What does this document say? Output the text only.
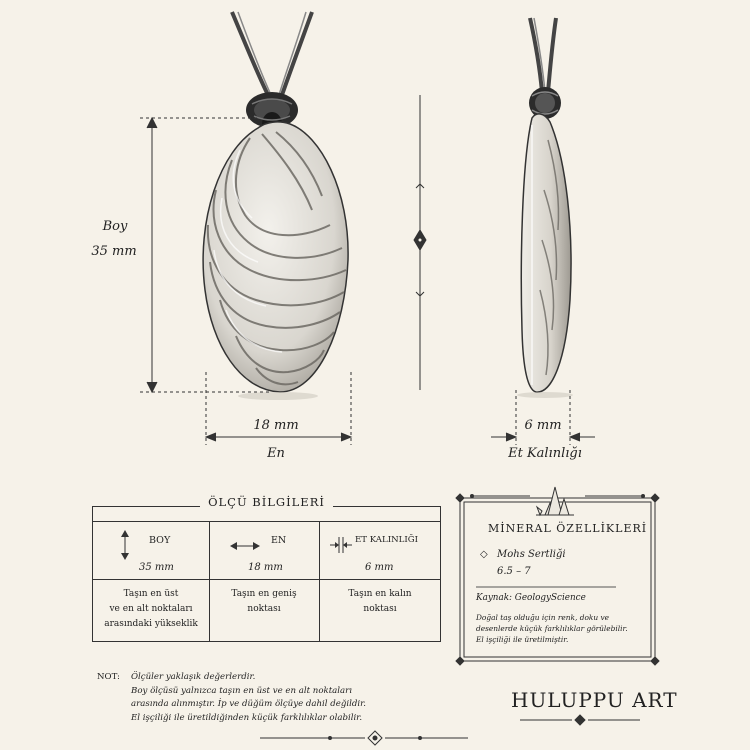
Boy
35 mm
18 mm
En
6 mm
Et Kalınlığı
ÖLÇÜ BİLGİLERİ
BOY
35 mm
Taşın en üst
ve en alt noktaları
arasındaki yükseklik
EN
18 mm
Taşın en geniş
noktası
ET KALINLIĞI
6 mm
Taşın en kalın
noktası
MİNERAL ÖZELLİKLERİ
◇ Mohs Sertliği
6.5 – 7
Kaynak: GeologyScience
Doğal taş olduğu için renk, doku ve
desenlerde küçük farklılıklar görülebilir.
El işçiliği ile üretilmiştir.
NOT: Ölçüler yaklaşık değerlerdir.
Boy ölçüsü yalnızca taşın en üst ve en alt noktaları
arasında alınmıştır. İp ve düğüm ölçüye dahil değildir.
El işçiliği ile üretildiğinden küçük farklılıklar olabilir.
HULUPPU ART
